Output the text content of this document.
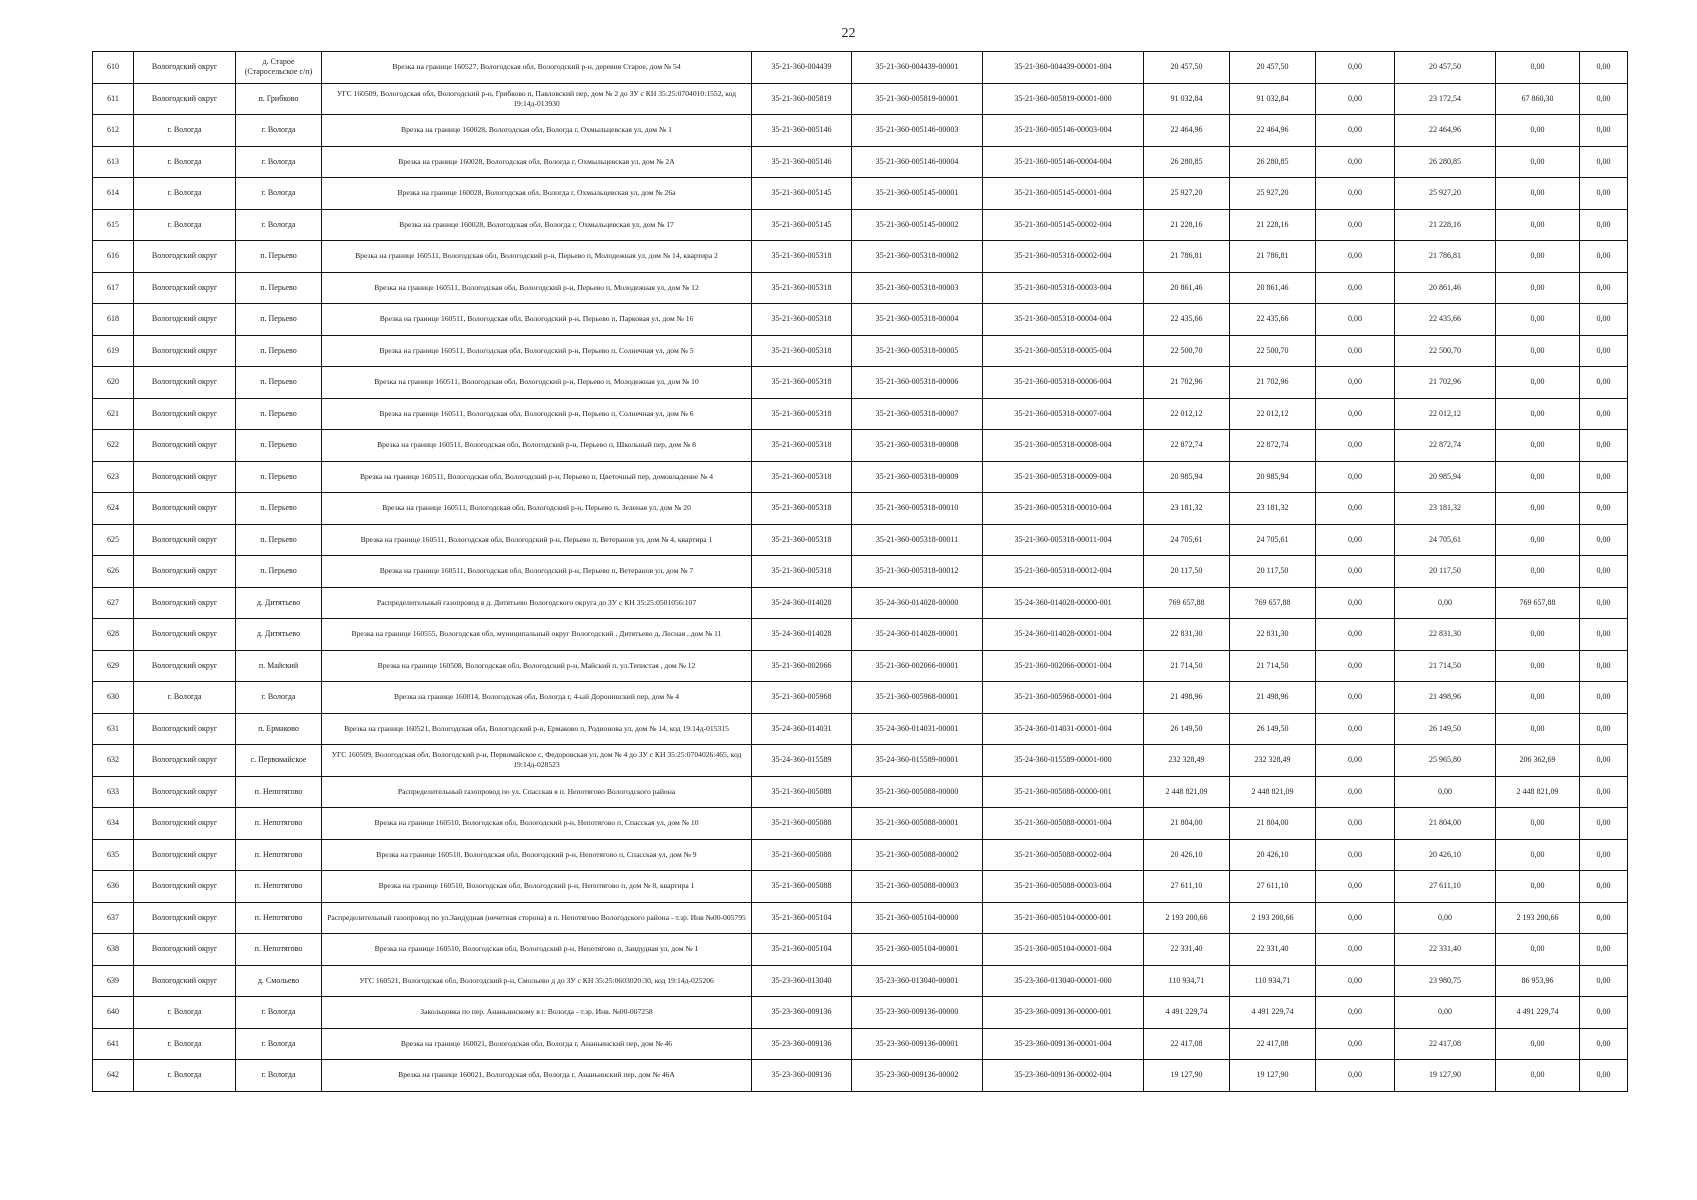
22
610	Вологодский округ	д. Старое (Старосельское с/п)	Врезка на границе 160527, Вологодская обл, Вологодский р-н, деревня Старое, дом № 54	35-21-360-004439	35-21-360-004439-00001	35-21-360-004439-00001-004	20 457,50	20 457,50	0,00	20 457,50	0,00	0,00
611	Вологодский округ	п. Грибково	УГС 160509, Вологодская обл, Вологодский р-н, Грибково п, Павловский пер, дом № 2 до ЗУ с КН 35:25:0704010:1552, код 19:14д-013930	35-21-360-005819	35-21-360-005819-00001	35-21-360-005819-00001-000	91 032,84	91 032,84	0,00	23 172,54	67 860,30	0,00
612	г. Вологда	г. Вологда	Врезка на границе 160028, Вологодская обл, Вологда г, Охмыльцевская ул, дом № 1	35-21-360-005146	35-21-360-005146-00003	35-21-360-005146-00003-004	22 464,96	22 464,96	0,00	22 464,96	0,00	0,00
613	г. Вологда	г. Вологда	Врезка на границе 160028, Вологодская обл, Вологда г, Охмыльцевская ул, дом № 2А	35-21-360-005146	35-21-360-005146-00004	35-21-360-005146-00004-004	26 280,85	26 280,85	0,00	26 280,85	0,00	0,00
614	г. Вологда	г. Вологда	Врезка на границе 160028, Вологодская обл, Вологда г, Охмыльцевская ул, дом № 26а	35-21-360-005145	35-21-360-005145-00001	35-21-360-005145-00001-004	25 927,20	25 927,20	0,00	25 927,20	0,00	0,00
615	г. Вологда	г. Вологда	Врезка на границе 160028, Вологодская обл, Вологда г, Охмыльцевская ул, дом № 17	35-21-360-005145	35-21-360-005145-00002	35-21-360-005145-00002-004	21 228,16	21 228,16	0,00	21 228,16	0,00	0,00
616	Вологодский округ	п. Перьево	Врезка на границе 160511, Вологодская обл, Вологодский р-н, Перьево п, Молодежная ул, дом № 14, квартира 2	35-21-360-005318	35-21-360-005318-00002	35-21-360-005318-00002-004	21 786,81	21 786,81	0,00	21 786,81	0,00	0,00
617	Вологодский округ	п. Перьево	Врезка на границе 160511, Вологодская обл, Вологодский р-н, Перьево п, Молодежная ул, дом № 12	35-21-360-005318	35-21-360-005318-00003	35-21-360-005318-00003-004	20 861,46	20 861,46	0,00	20 861,46	0,00	0,00
618	Вологодский округ	п. Перьево	Врезка на границе 160511, Вологодская обл, Вологодский р-н, Перьево п, Парковая ул, дом № 16	35-21-360-005318	35-21-360-005318-00004	35-21-360-005318-00004-004	22 435,66	22 435,66	0,00	22 435,66	0,00	0,00
619	Вологодский округ	п. Перьево	Врезка на границе 160511, Вологодская обл, Вологодский р-н, Перьево п, Солнечная ул, дом № 5	35-21-360-005318	35-21-360-005318-00005	35-21-360-005318-00005-004	22 500,70	22 500,70	0,00	22 500,70	0,00	0,00
620	Вологодский округ	п. Перьево	Врезка на границе 160511, Вологодская обл, Вологодский р-н, Перьево п, Молодежная ул, дом № 10	35-21-360-005318	35-21-360-005318-00006	35-21-360-005318-00006-004	21 702,96	21 702,96	0,00	21 702,96	0,00	0,00
621	Вологодский округ	п. Перьево	Врезка на границе 160511, Вологодская обл, Вологодский р-н, Перьево п, Солнечная ул, дом № 6	35-21-360-005318	35-21-360-005318-00007	35-21-360-005318-00007-004	22 012,12	22 012,12	0,00	22 012,12	0,00	0,00
622	Вологодский округ	п. Перьево	Врезка на границе 160511, Вологодская обл, Вологодский р-н, Перьево п, Школьный пер, дом № 8	35-21-360-005318	35-21-360-005318-00008	35-21-360-005318-00008-004	22 872,74	22 872,74	0,00	22 872,74	0,00	0,00
623	Вологодский округ	п. Перьево	Врезка на границе 160511, Вологодская обл, Вологодский р-н, Перьево п, Цветочный пер, домовладение № 4	35-21-360-005318	35-21-360-005318-00009	35-21-360-005318-00009-004	20 985,94	20 985,94	0,00	20 985,94	0,00	0,00
624	Вологодский округ	п. Перьево	Врезка на границе 160511, Вологодская обл, Вологодский р-н, Перьево п, Зеленая ул, дом № 20	35-21-360-005318	35-21-360-005318-00010	35-21-360-005318-00010-004	23 181,32	23 181,32	0,00	23 181,32	0,00	0,00
625	Вологодский округ	п. Перьево	Врезка на границе 160511, Вологодская обл, Вологодский р-н, Перьево п, Ветеранов ул, дом № 4, квартира 1	35-21-360-005318	35-21-360-005318-00011	35-21-360-005318-00011-004	24 705,61	24 705,61	0,00	24 705,61	0,00	0,00
626	Вологодский округ	п. Перьево	Врезка на границе 160511, Вологодская обл, Вологодский р-н, Перьево п, Ветеранов ул, дом № 7	35-21-360-005318	35-21-360-005318-00012	35-21-360-005318-00012-004	20 117,50	20 117,50	0,00	20 117,50	0,00	0,00
627	Вологодский округ	д. Дитятьево	Распределительный газопровод в д. Дитятьево Вологодского округа до ЗУ с КН 35:25:0501056:107	35-24-360-014028	35-24-360-014028-00000	35-24-360-014028-00000-001	769 657,88	769 657,88	0,00	0,00	769 657,88	0,00
628	Вологодский округ	д. Дитятьево	Врезка на границе 160555, Вологодская обл, муниципальный округ Вологодский , Дитятьево д, Лесная , дом № 11	35-24-360-014028	35-24-360-014028-00001	35-24-360-014028-00001-004	22 831,30	22 831,30	0,00	22 831,30	0,00	0,00
629	Вологодский округ	п. Майский	Врезка на границе 160508, Вологодская обл, Вологодский р-н, Майский п, ул.Тепистая , дом № 12	35-21-360-002066	35-21-360-002066-00001	35-21-360-002066-00001-004	21 714,50	21 714,50	0,00	21 714,50	0,00	0,00
630	г. Вологда	г. Вологда	Врезка на границе 160014, Вологодская обл, Вологда г, 4-ый Доронинский пер, дом № 4	35-21-360-005968	35-21-360-005968-00001	35-21-360-005968-00001-004	21 498,96	21 498,96	0,00	21 498,96	0,00	0,00
631	Вологодский округ	п. Ермаково	Врезка на границе 160521, Вологодская обл, Вологодский р-н, Ермаково п, Родионова ул, дом № 14, код 19:14д-015315	35-24-360-014031	35-24-360-014031-00001	35-24-360-014031-00001-004	26 149,50	26 149,50	0,00	26 149,50	0,00	0,00
632	Вологодский округ	с. Первомайское	УГС 160509, Вологодская обл, Вологодский р-н, Первомайское с, Федоровская ул, дом № 4 до ЗУ с КН 35:25:0704026:465, код 19:14д-028523	35-24-360-015589	35-24-360-015589-00001	35-24-360-015589-00001-000	232 328,49	232 328,49	0,00	25 965,80	206 362,69	0,00
633	Вологодский округ	п. Непотягово	Распределительный газопровод по ул. Спасская в п. Непотягово Вологодского района	35-21-360-005088	35-21-360-005088-00000	35-21-360-005088-00000-001	2 448 821,09	2 448 821,09	0,00	0,00	2 448 821,09	0,00
634	Вологодский округ	п. Непотягово	Врезка на границе 160510, Вологодская обл, Вологодский р-н, Непотягово п, Спасская ул, дом № 10	35-21-360-005088	35-21-360-005088-00001	35-21-360-005088-00001-004	21 804,00	21 804,00	0,00	21 804,00	0,00	0,00
635	Вологодский округ	п. Непотягово	Врезка на границе 160510, Вологодская обл, Вологодский р-н, Непотягово п, Спасская ул, дом № 9	35-21-360-005088	35-21-360-005088-00002	35-21-360-005088-00002-004	20 426,10	20 426,10	0,00	20 426,10	0,00	0,00
636	Вологодский округ	п. Непотягово	Врезка на границе 160510, Вологодская обл, Вологодский р-н, Непотягово п, дом № 8, квартира 1	35-21-360-005088	35-21-360-005088-00003	35-21-360-005088-00003-004	27 611,10	27 611,10	0,00	27 611,10	0,00	0,00
637	Вологодский округ	п. Непотягово	Распределительный газопровод по ул.Заидудная (нечетная сторона) в п. Непотягово Вологодского района - т.зр. Инв №00-005795	35-21-360-005104	35-21-360-005104-00000	35-21-360-005104-00000-001	2 193 200,66	2 193 200,66	0,00	0,00	2 193 200,66	0,00
638	Вологодский округ	п. Непотягово	Врезка на границе 160510, Вологодская обл, Вологодский р-н, Непотягово п, Заидудная ул, дом № 1	35-21-360-005104	35-21-360-005104-00001	35-21-360-005104-00001-004	22 331,40	22 331,40	0,00	22 331,40	0,00	0,00
639	Вологодский округ	д. Смольево	УГС 160521, Вологодская обл, Вологодский р-н, Смольево д до ЗУ с КН 35:25:0603020:30, код 19:14д-025206	35-23-360-013040	35-23-360-013040-00001	35-23-360-013040-00001-000	110 934,71	110 934,71	0,00	23 980,75	86 953,96	0,00
640	г. Вологда	г. Вологда	Закольцовка по пер. Ананьинскому в г. Вологда - т.зр. Инв. №00-007258	35-23-360-009136	35-23-360-009136-00000	35-23-360-009136-00000-001	4 491 229,74	4 491 229,74	0,00	0,00	4 491 229,74	0,00
641	г. Вологда	г. Вологда	Врезка на границе 160021, Вологодская обл, Вологда г, Ананьинский пер, дом № 46	35-23-360-009136	35-23-360-009136-00001	35-23-360-009136-00001-004	22 417,08	22 417,08	0,00	22 417,08	0,00	0,00
642	г. Вологда	г. Вологда	Врезка на границе 160021, Вологодская обл, Вологда г, Ананьинский пер, дом № 46А	35-23-360-009136	35-23-360-009136-00002	35-23-360-009136-00002-004	19 127,90	19 127,90	0,00	19 127,90	0,00	0,00
